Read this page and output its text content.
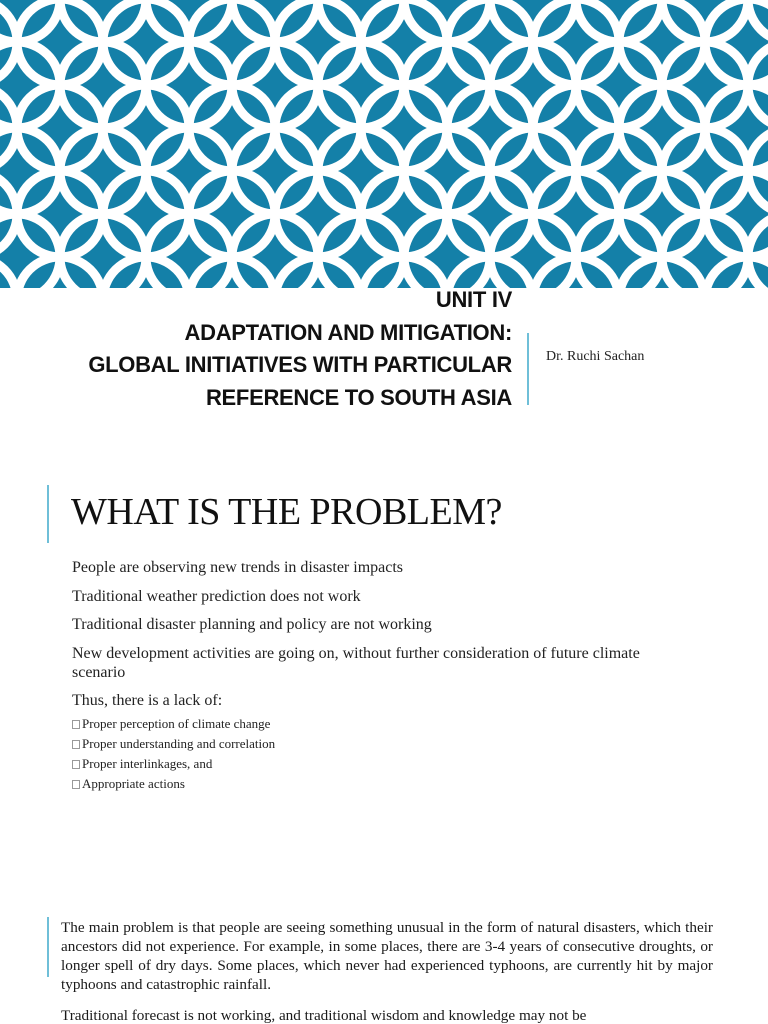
UNIT IV
ADAPTATION AND MITIGATION:
GLOBAL INITIATIVES WITH PARTICULAR
REFERENCE TO SOUTH ASIA
Dr. Ruchi Sachan
WHAT IS THE PROBLEM?
People are observing new trends in disaster impacts
Traditional weather prediction does not work
Traditional disaster planning and policy are not working
New development activities are going on, without further consideration of future climate scenario
Thus, there is a lack of:
Proper perception of climate change
Proper understanding and correlation
Proper interlinkages, and
Appropriate actions

The main problem is that people are seeing something unusual in the form of natural disasters, which their ancestors did not experience. For example, in some places, there are 3-4 years of consecutive droughts, or longer spell of dry days. Some places, which never had experienced typhoons, are currently hit by major typhoons and catastrophic rainfall.

Traditional forecast is not working, and traditional wisdom and knowledge may not be
